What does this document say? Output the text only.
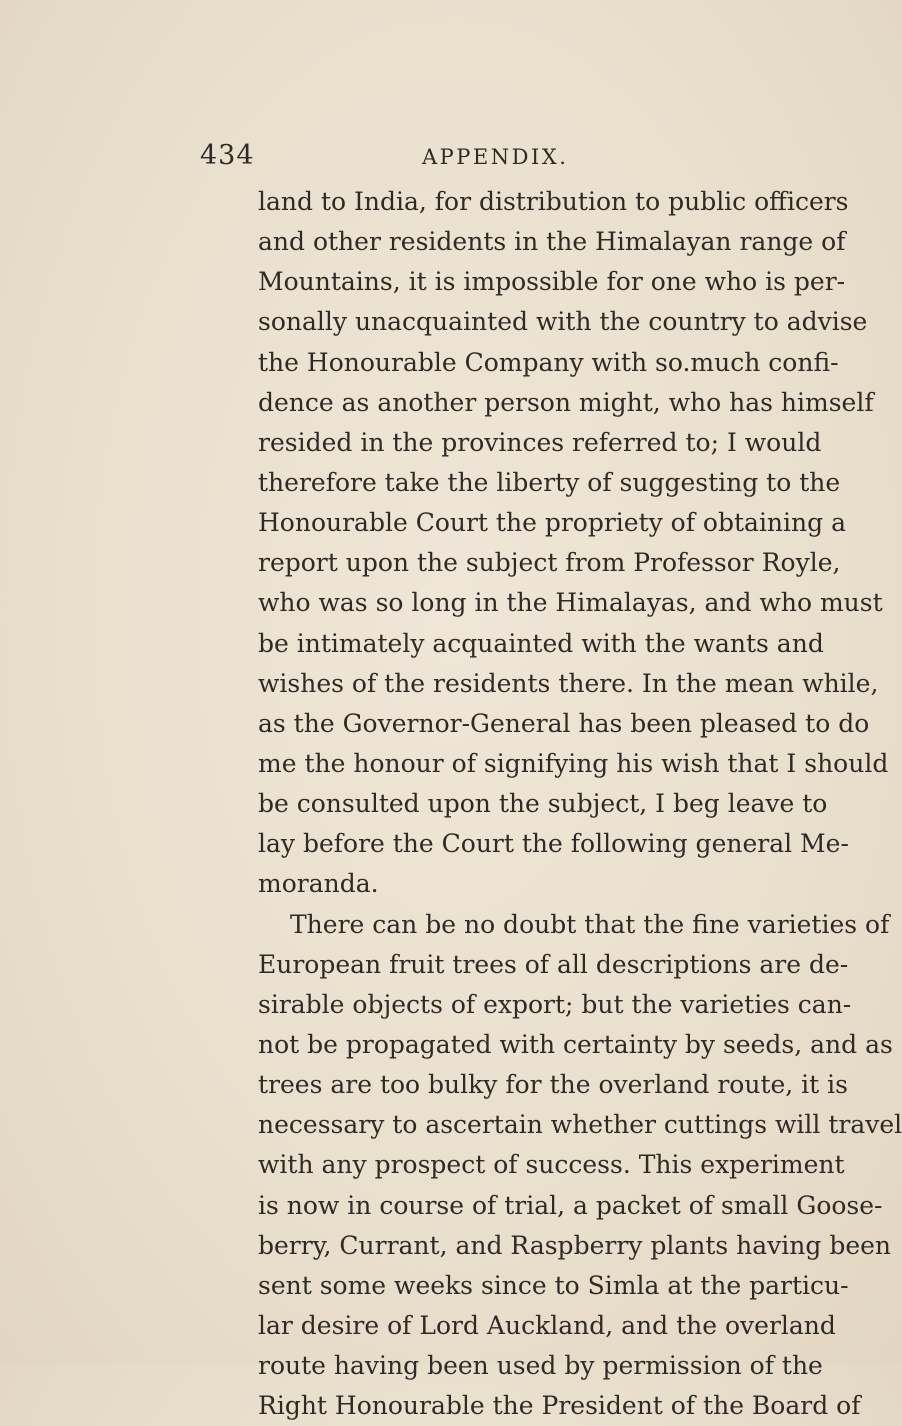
434	APPENDIX.
land to India, for distribution to public officers
and other residents in the Himalayan range of
Mountains, it is impossible for one who is per-
sonally unacquainted with the country to advise
the Honourable Company with so.much confi-
dence as another person might, who has himself
resided in the provinces referred to; I would
therefore take the liberty of suggesting to the
Honourable Court the propriety of obtaining a
report upon the subject from Professor Royle,
who was so long in the Himalayas, and who must
be intimately acquainted with the wants and
wishes of the residents there. In the mean while,
as the Governor-General has been pleased to do
me the honour of signifying his wish that I should
be consulted upon the subject, I beg leave to
lay before the Court the following general Me-
moranda.
There can be no doubt that the fine varieties of
European fruit trees of all descriptions are de-
sirable objects of export; but the varieties can-
not be propagated with certainty by seeds, and as
trees are too bulky for the overland route, it is
necessary to ascertain whether cuttings will travel
with any prospect of success. This experiment
is now in course of trial, a packet of small Goose-
berry, Currant, and Raspberry plants having been
sent some weeks since to Simla at the particu-
lar desire of Lord Auckland, and the overland
route having been used by permission of the
Right Honourable the President of the Board of
